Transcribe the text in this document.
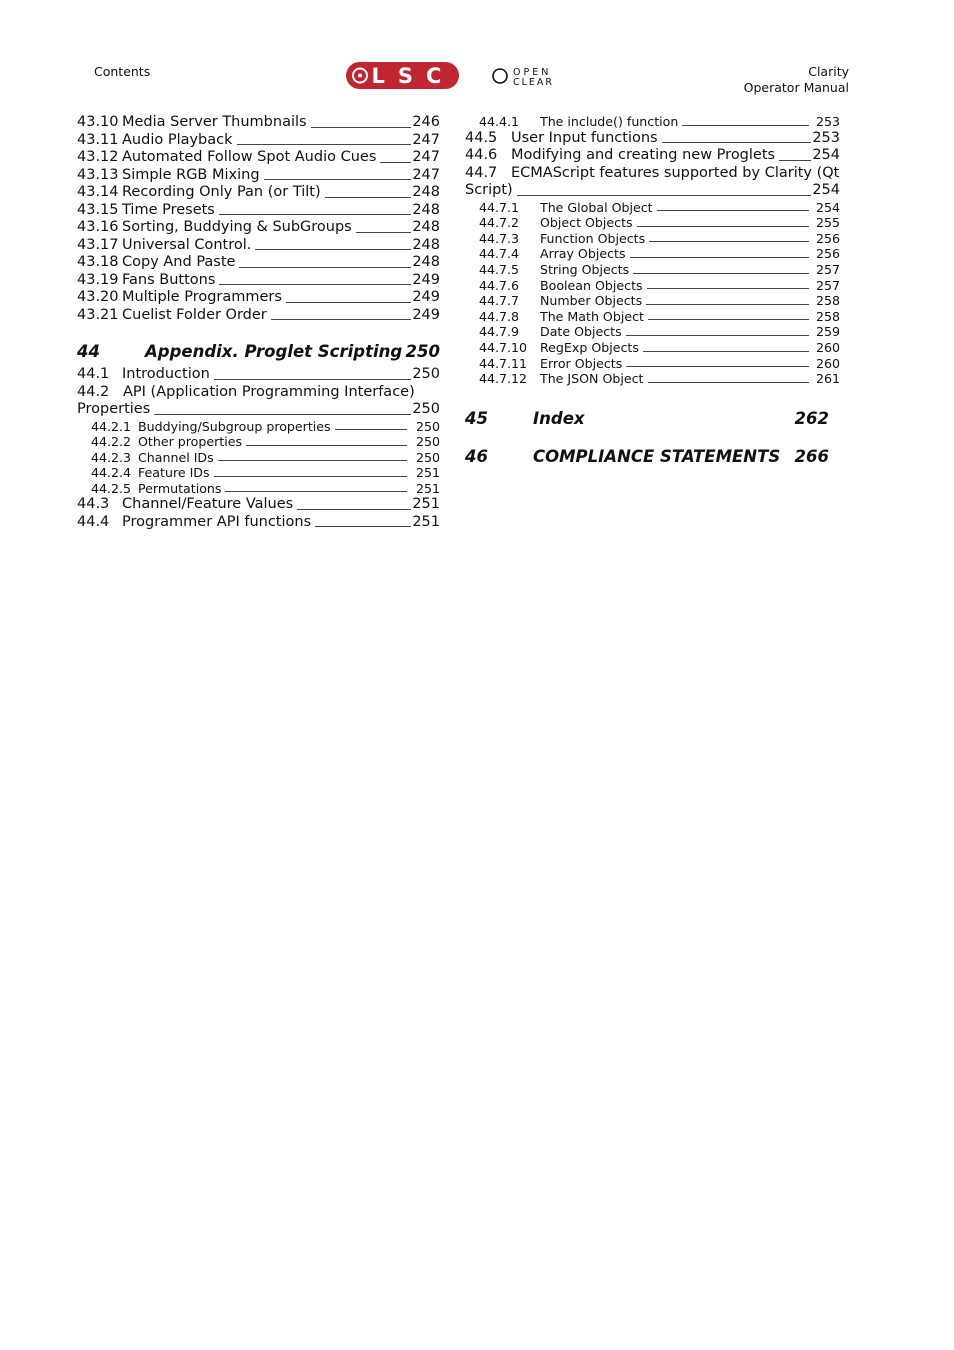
Contents	LSC	OPEN
CLEAR
Clarity
Operator Manual
43.10 Media Server Thumbnails	246
43.11 Audio Playback	247
43.12 Automated Follow Spot Audio Cues 247
43.13 Simple RGB Mixing	247
43.14 Recording Only Pan (or Tilt)	248
43.15 Time Presets	248
43.16 Sorting, Buddying & SubGroups	248
43.17 Universal Control.	248
43.18 Copy And Paste	248
43.19 Fans Buttons	249
43.20 Multiple Programmers	249
43.21 Cuelist Folder Order	249
44	Appendix. Proglet Scripting 250
44.1 Introduction	250
44.2 API (Application Programming Interface)
Properties	250
44.2.1 Buddying/Subgroup properties	250
44.2.2 Other properties	250
44.2.3 Channel IDs	250
44.2.4 Feature IDs	251
44.2.5 Permutations	251
44.3 Channel/Feature Values	251
44.4 Programmer API functions	251
44.4.1	The include() function	253
44.5 User Input functions	253
44.6 Modifying and creating new Proglets	254
44.7 ECMAScript features supported by Clarity (Qt
Script)	254
44.7.1	The Global Object	254
44.7.2	Object Objects	255
44.7.3	Function Objects	256
44.7.4	Array Objects	256
44.7.5	String Objects	257
44.7.6	Boolean Objects	257
44.7.7	Number Objects	258
44.7.8	The Math Object	258
44.7.9	Date Objects	259
44.7.10	RegExp Objects	260
44.7.11	Error Objects	260
44.7.12	The JSON Object	261
45	Index	262
46	COMPLIANCE STATEMENTS 266
